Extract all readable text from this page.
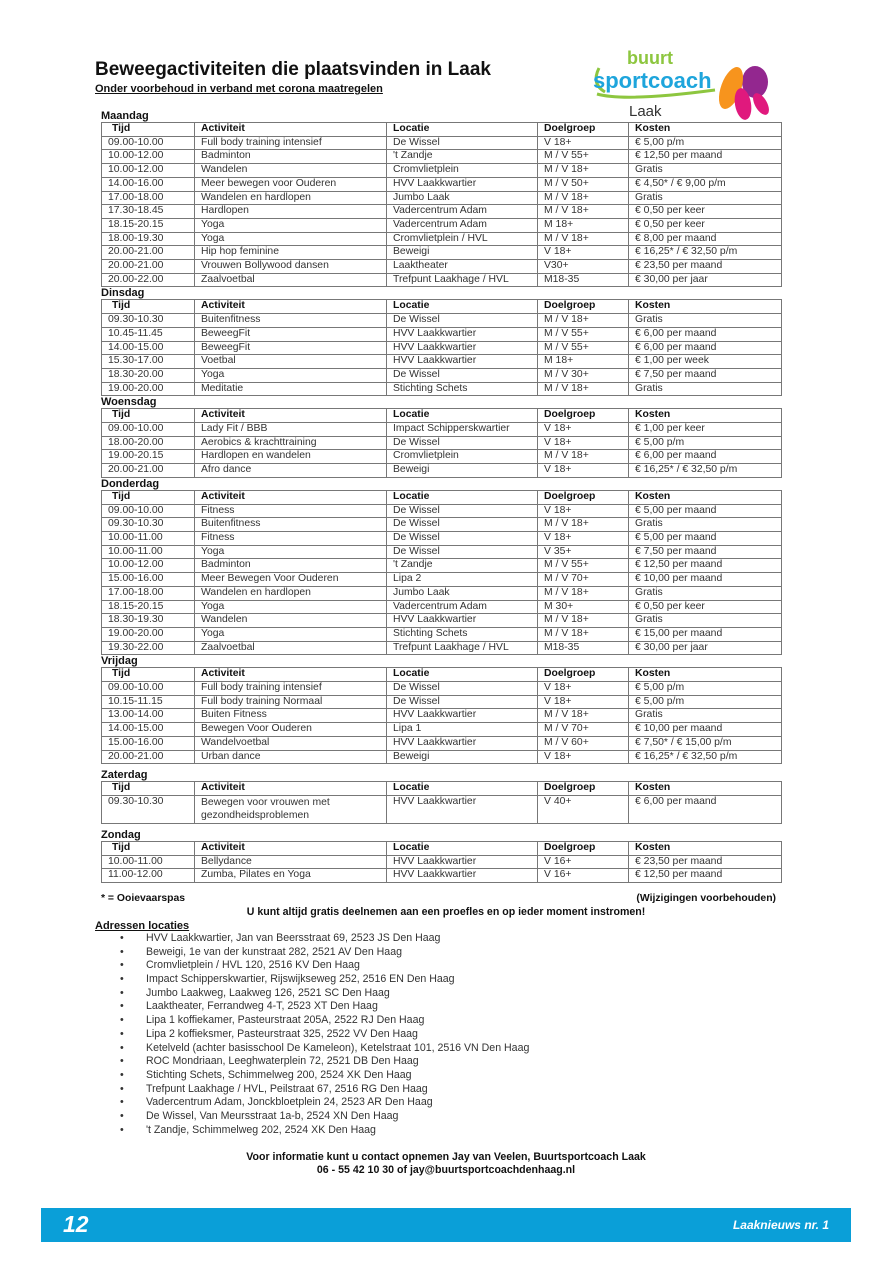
Beweegactiviteiten die plaatsvinden in Laak
Onder voorbehoud in verband met corona maatregelen
buurt
sportcoach
Laak
Maandag
Tijd	Activiteit	Locatie	Doelgroep	Kosten
09.00-10.00	Full body training intensief	De Wissel	V 18+	€ 5,00 p/m
10.00-12.00	Badminton	't Zandje	M / V 55+	€ 12,50 per maand
10.00-12.00	Wandelen	Cromvlietplein	M / V 18+	Gratis
14.00-16.00	Meer bewegen voor Ouderen	HVV Laakkwartier	M / V 50+	€ 4,50* / € 9,00 p/m
17.00-18.00	Wandelen en hardlopen	Jumbo Laak	M / V 18+	Gratis
17.30-18.45	Hardlopen	Vadercentrum Adam	M / V 18+	€ 0,50 per keer
18.15-20.15	Yoga	Vadercentrum Adam	M 18+	€ 0,50 per keer
18.00-19.30	Yoga	Cromvlietplein / HVL	M / V 18+	€ 8,00 per maand
20.00-21.00	Hip hop feminine	Beweigi	V 18+	€ 16,25* / € 32,50 p/m
20.00-21.00	Vrouwen Bollywood dansen	Laaktheater	V30+	€ 23,50 per maand
20.00-22.00	Zaalvoetbal	Trefpunt Laakhage / HVL	M18-35	€ 30,00 per jaar
Dinsdag
Tijd	Activiteit	Locatie	Doelgroep	Kosten
09.30-10.30	Buitenfitness	De Wissel	M / V 18+	Gratis
10.45-11.45	BeweegFit	HVV Laakkwartier	M / V 55+	€ 6,00 per maand
14.00-15.00	BeweegFit	HVV Laakkwartier	M / V 55+	€ 6,00 per maand
15.30-17.00	Voetbal	HVV Laakkwartier	M 18+	€ 1,00 per week
18.30-20.00	Yoga	De Wissel	M / V 30+	€ 7,50 per maand
19.00-20.00	Meditatie	Stichting Schets	M / V 18+	Gratis
Woensdag
Tijd	Activiteit	Locatie	Doelgroep	Kosten
09.00-10.00	Lady Fit / BBB	Impact Schipperskwartier	V 18+	€ 1,00 per keer
18.00-20.00	Aerobics & krachttraining	De Wissel	V 18+	€ 5,00 p/m
19.00-20.15	Hardlopen en wandelen	Cromvlietplein	M / V 18+	€ 6,00 per maand
20.00-21.00	Afro dance	Beweigi	V 18+	€ 16,25* / € 32,50 p/m
Donderdag
Tijd	Activiteit	Locatie	Doelgroep	Kosten
09.00-10.00	Fitness	De Wissel	V 18+	€ 5,00 per maand
09.30-10.30	Buitenfitness	De Wissel	M / V 18+	Gratis
10.00-11.00	Fitness	De Wissel	V 18+	€ 5,00 per maand
10.00-11.00	Yoga	De Wissel	V 35+	€ 7,50 per maand
10.00-12.00	Badminton	't Zandje	M / V 55+	€ 12,50 per maand
15.00-16.00	Meer Bewegen Voor Ouderen	Lipa 2	M / V 70+	€ 10,00 per maand
17.00-18.00	Wandelen en hardlopen	Jumbo Laak	M / V 18+	Gratis
18.15-20.15	Yoga	Vadercentrum Adam	M 30+	€ 0,50 per keer
18.30-19.30	Wandelen	HVV Laakkwartier	M / V 18+	Gratis
19.00-20.00	Yoga	Stichting Schets	M / V 18+	€ 15,00 per maand
19.30-22.00	Zaalvoetbal	Trefpunt Laakhage / HVL	M18-35	€ 30,00 per jaar
Vrijdag
Tijd	Activiteit	Locatie	Doelgroep	Kosten
09.00-10.00	Full body training intensief	De Wissel	V 18+	€ 5,00 p/m
10.15-11.15	Full body training Normaal	De Wissel	V 18+	€ 5,00 p/m
13.00-14.00	Buiten Fitness	HVV Laakkwartier	M / V 18+	Gratis
14.00-15.00	Bewegen Voor Ouderen	Lipa 1	M / V 70+	€ 10,00 per maand
15.00-16.00	Wandelvoetbal	HVV Laakkwartier	M / V 60+	€ 7,50* / € 15,00 p/m
20.00-21.00	Urban dance	Beweigi	V 18+	€ 16,25* / € 32,50 p/m
Zaterdag
Tijd	Activiteit	Locatie	Doelgroep	Kosten
09.30-10.30	Bewegen voor vrouwen met gezondheidsproblemen	HVV Laakkwartier	V 40+	€ 6,00 per maand
Zondag
Tijd	Activiteit	Locatie	Doelgroep	Kosten
10.00-11.00	Bellydance	HVV Laakkwartier	V 16+	€ 23,50 per maand
11.00-12.00	Zumba, Pilates en Yoga	HVV Laakkwartier	V 16+	€ 12,50 per maand
* = Ooievaarspas	(Wijzigingen voorbehouden)
U kunt altijd gratis deelnemen aan een proefles en op ieder moment instromen!
Adressen locaties
• HVV Laakkwartier, Jan van Beersstraat 69, 2523 JS Den Haag
• Beweigi, 1e van der kunstraat 282, 2521 AV Den Haag
• Cromvlietplein / HVL 120, 2516 KV Den Haag
• Impact Schipperskwartier, Rijswijkseweg 252, 2516 EN Den Haag
• Jumbo Laakweg, Laakweg 126, 2521 SC Den Haag
• Laaktheater, Ferrandweg 4-T, 2523 XT Den Haag
• Lipa 1 koffiekamer, Pasteurstraat 205A, 2522 RJ Den Haag
• Lipa 2 koffieksmer, Pasteurstraat 325, 2522 VV Den Haag
• Ketelveld (achter basisschool De Kameleon), Ketelstraat 101, 2516 VN Den Haag
• ROC Mondriaan, Leeghwaterplein 72, 2521 DB Den Haag
• Stichting Schets, Schimmelweg 200, 2524 XK Den Haag
• Trefpunt Laakhage / HVL, Peilstraat 67, 2516 RG Den Haag
• Vadercentrum Adam, Jonckbloetplein 24, 2523 AR Den Haag
• De Wissel, Van Meursstraat 1a-b, 2524 XN Den Haag
• 't Zandje, Schimmelweg 202, 2524 XK Den Haag
Voor informatie kunt u contact opnemen Jay van Veelen, Buurtsportcoach Laak
06 - 55 42 10 30 of jay@buurtsportcoachdenhaag.nl
12	Laaknieuws nr. 1
